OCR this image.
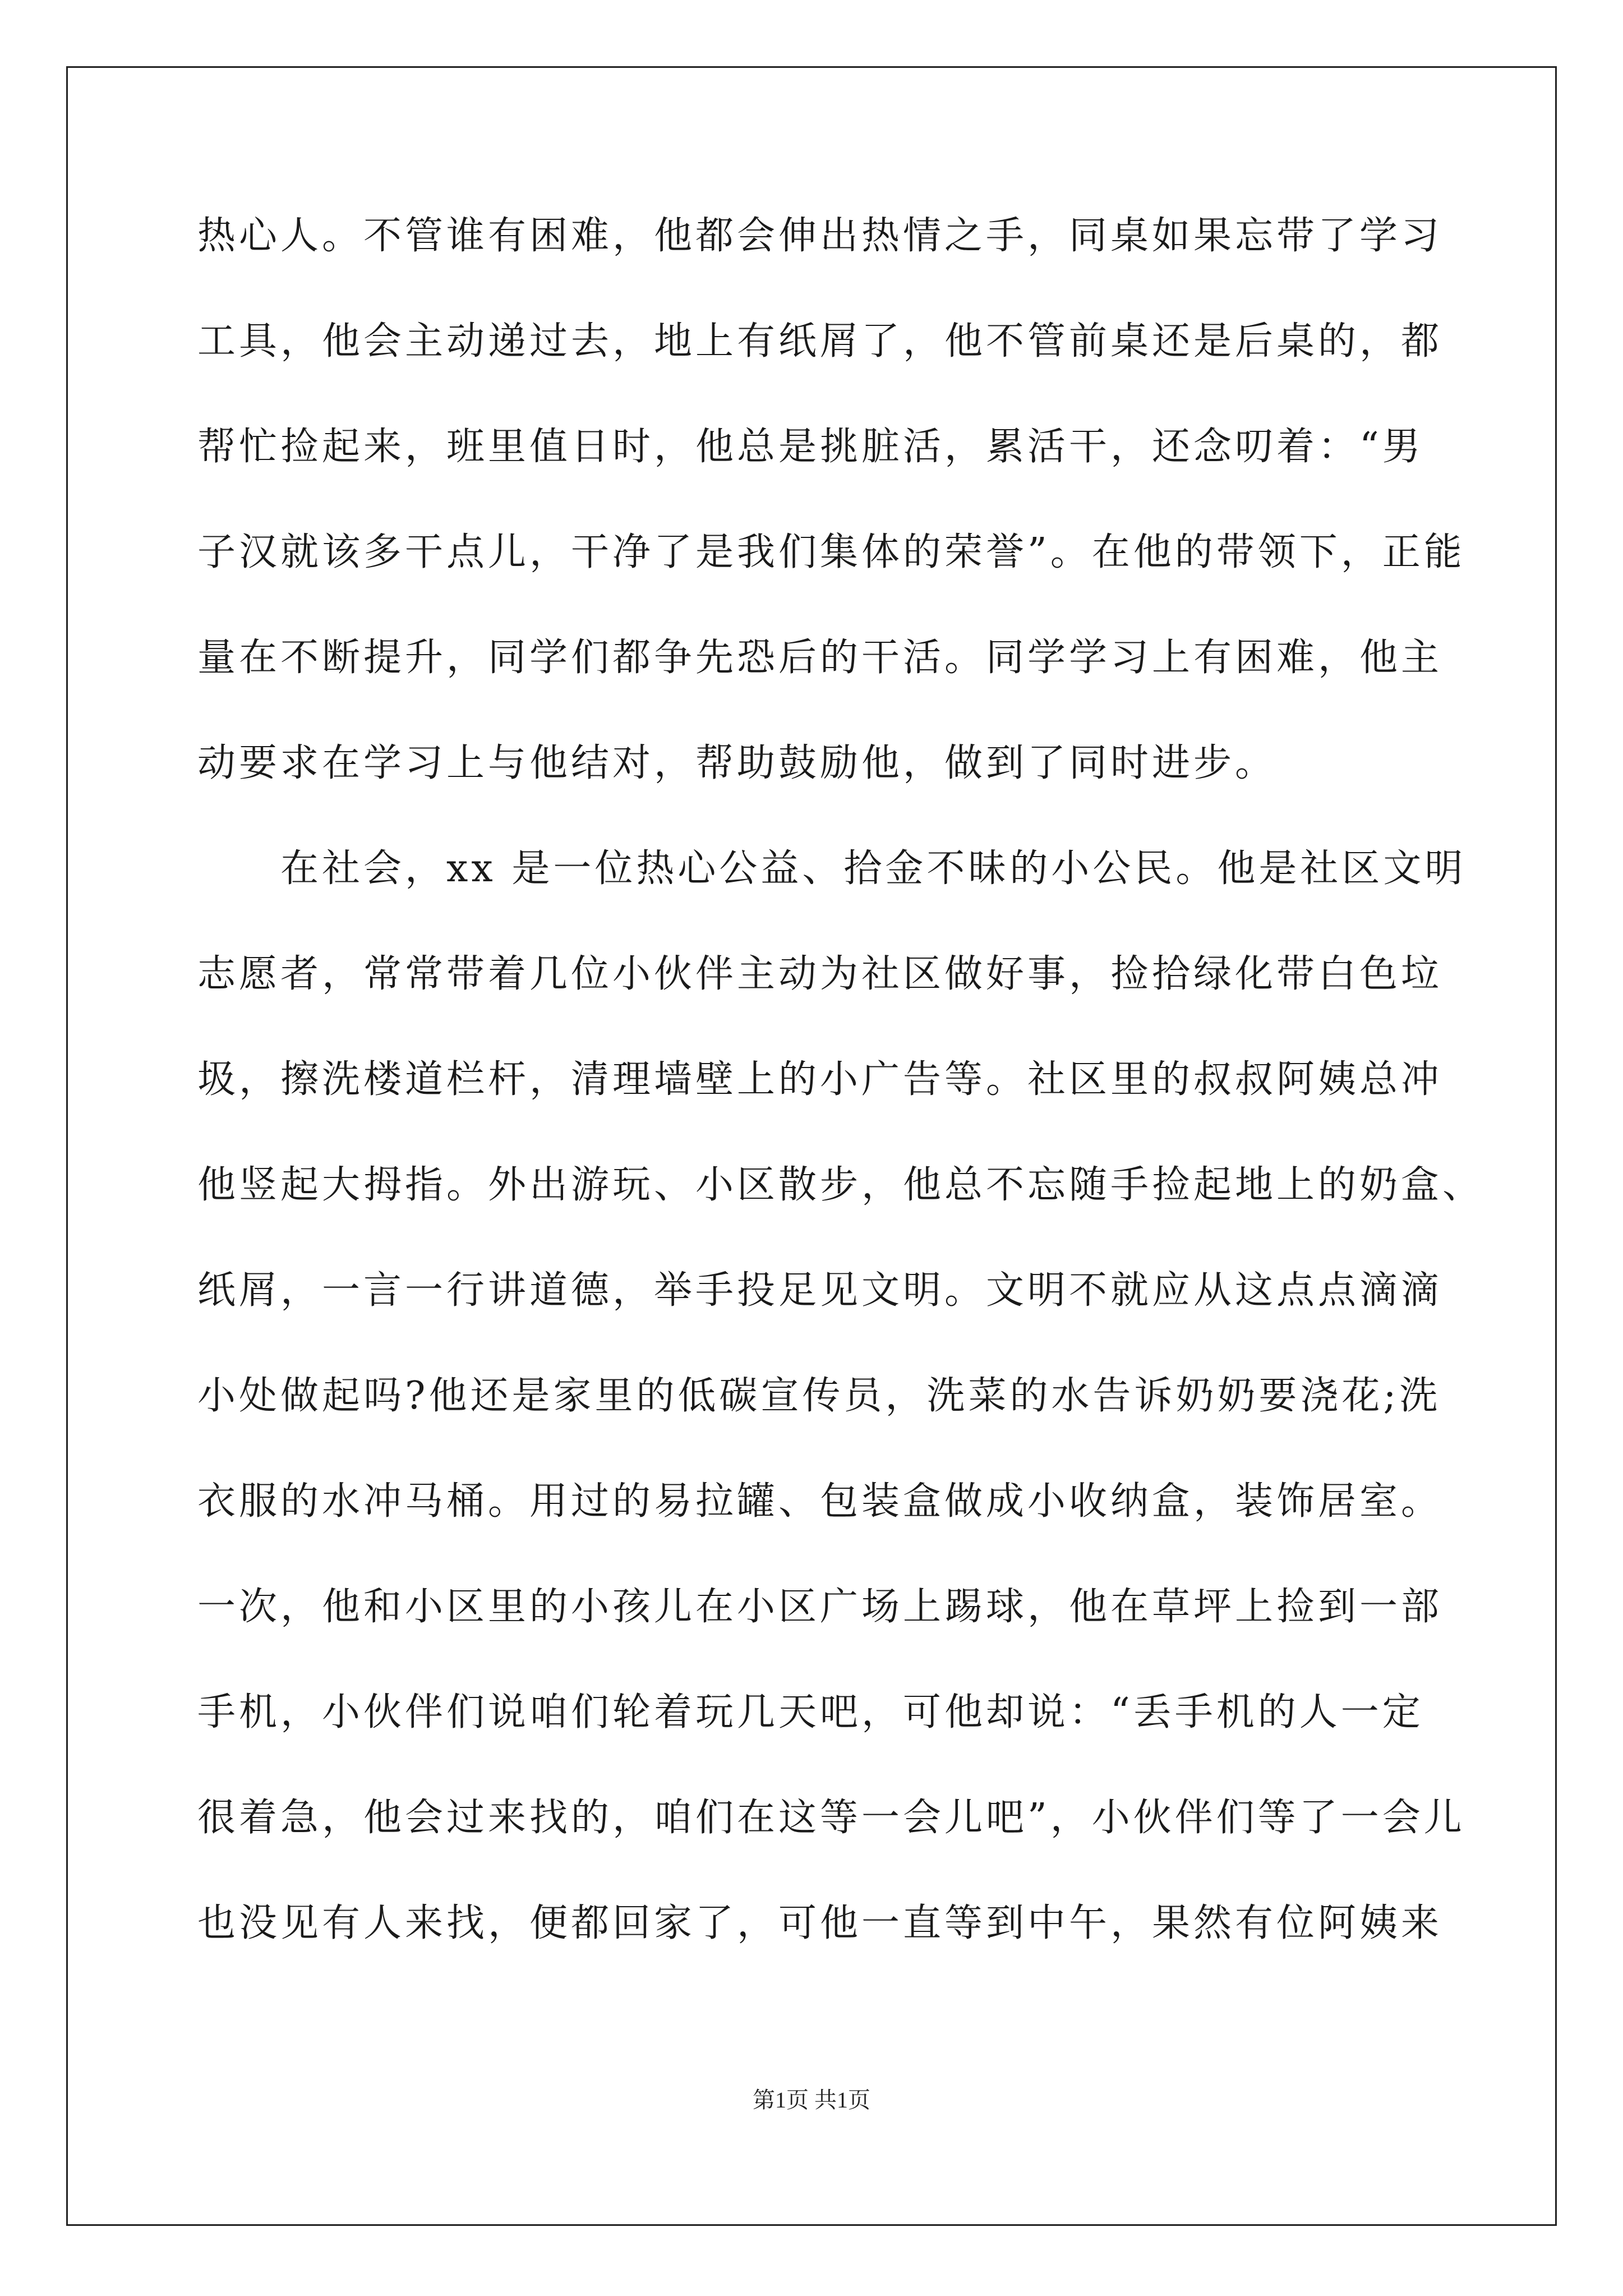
热心人。不管谁有困难，他都会伸出热情之手，同桌如果忘带了学习
工具，他会主动递过去，地上有纸屑了，他不管前桌还是后桌的，都
帮忙捡起来，班里值日时，他总是挑脏活，累活干，还念叨着：“男
子汉就该多干点儿，干净了是我们集体的荣誉”。在他的带领下，正能
量在不断提升，同学们都争先恐后的干活。同学学习上有困难，他主
动要求在学习上与他结对，帮助鼓励他，做到了同时进步。
在社会，xx 是一位热心公益、拾金不昧的小公民。他是社区文明
志愿者，常常带着几位小伙伴主动为社区做好事，捡拾绿化带白色垃
圾，擦洗楼道栏杆，清理墙壁上的小广告等。社区里的叔叔阿姨总冲
他竖起大拇指。外出游玩、小区散步，他总不忘随手捡起地上的奶盒、
纸屑，一言一行讲道德，举手投足见文明。文明不就应从这点点滴滴
小处做起吗?他还是家里的低碳宣传员，洗菜的水告诉奶奶要浇花;洗
衣服的水冲马桶。用过的易拉罐、包装盒做成小收纳盒，装饰居室。
一次，他和小区里的小孩儿在小区广场上踢球，他在草坪上捡到一部
手机，小伙伴们说咱们轮着玩几天吧，可他却说：“丢手机的人一定
很着急，他会过来找的，咱们在这等一会儿吧”，小伙伴们等了一会儿
也没见有人来找，便都回家了，可他一直等到中午，果然有位阿姨来
第1页 共1页
